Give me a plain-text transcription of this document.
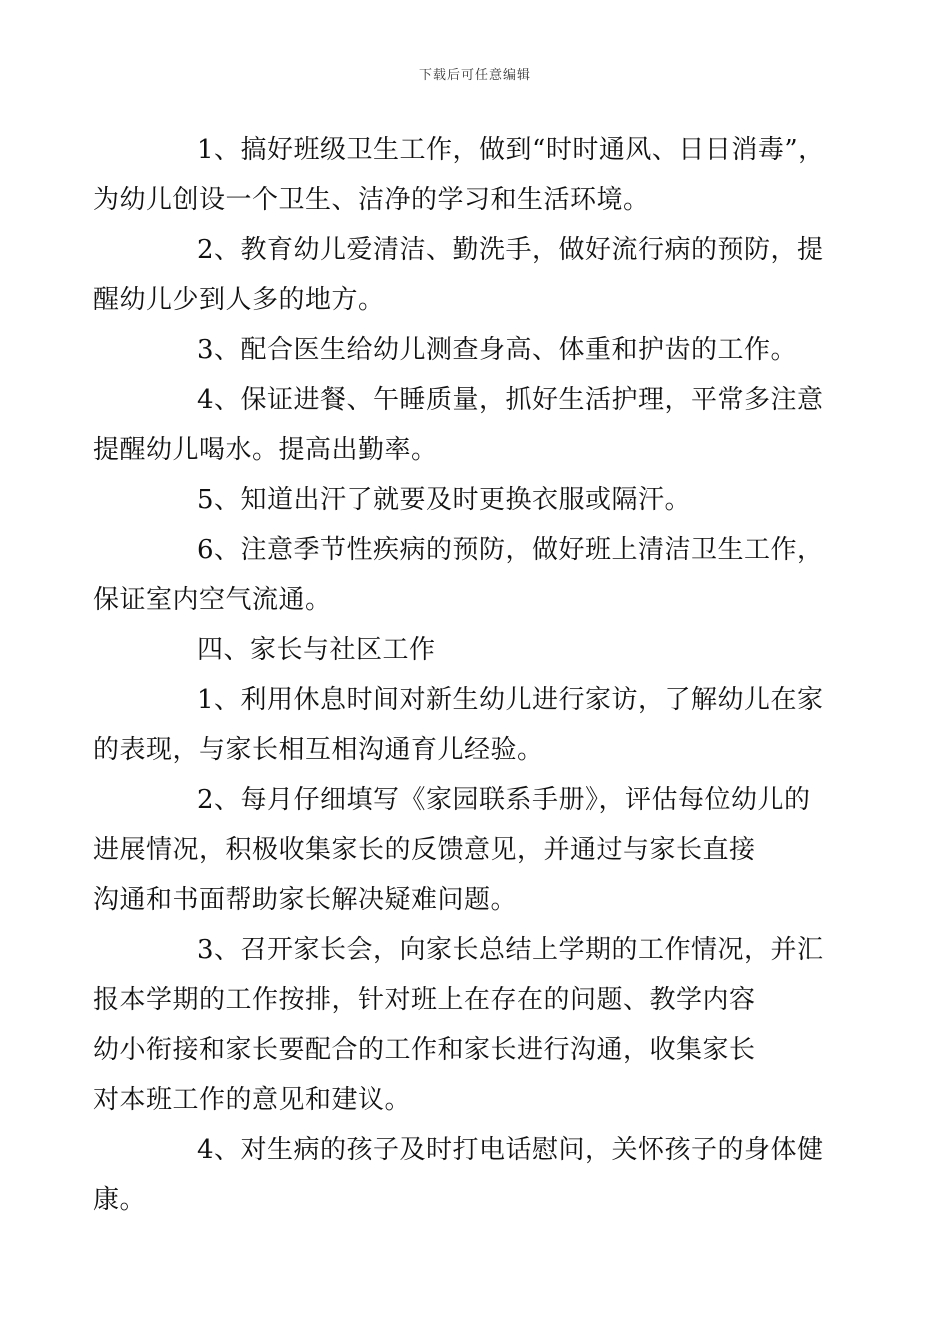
下载后可任意编辑

1、搞好班级卫生工作，做到“时时通风、日日消毒”，
为幼儿创设一个卫生、洁净的学习和生活环境。

2、教育幼儿爱清洁、勤洗手，做好流行病的预防，提
醒幼儿少到人多的地方。

3、配合医生给幼儿测查身高、体重和护齿的工作。

4、保证进餐、午睡质量，抓好生活护理，平常多注意
提醒幼儿喝水。提高出勤率。

5、知道出汗了就要及时更换衣服或隔汗。

6、注意季节性疾病的预防，做好班上清洁卫生工作，
保证室内空气流通。

四、家长与社区工作

1、利用休息时间对新生幼儿进行家访，了解幼儿在家
的表现，与家长相互相沟通育儿经验。

2、每月仔细填写《家园联系手册》，评估每位幼儿的
进展情况，积极收集家长的反馈意见，并通过与家长直接
沟通和书面帮助家长解决疑难问题。

3、召开家长会，向家长总结上学期的工作情况，并汇
报本学期的工作按排，针对班上在存在的问题、教学内容
幼小衔接和家长要配合的工作和家长进行沟通，收集家长
对本班工作的意见和建议。

4、对生病的孩子及时打电话慰问，关怀孩子的身体健
康。
